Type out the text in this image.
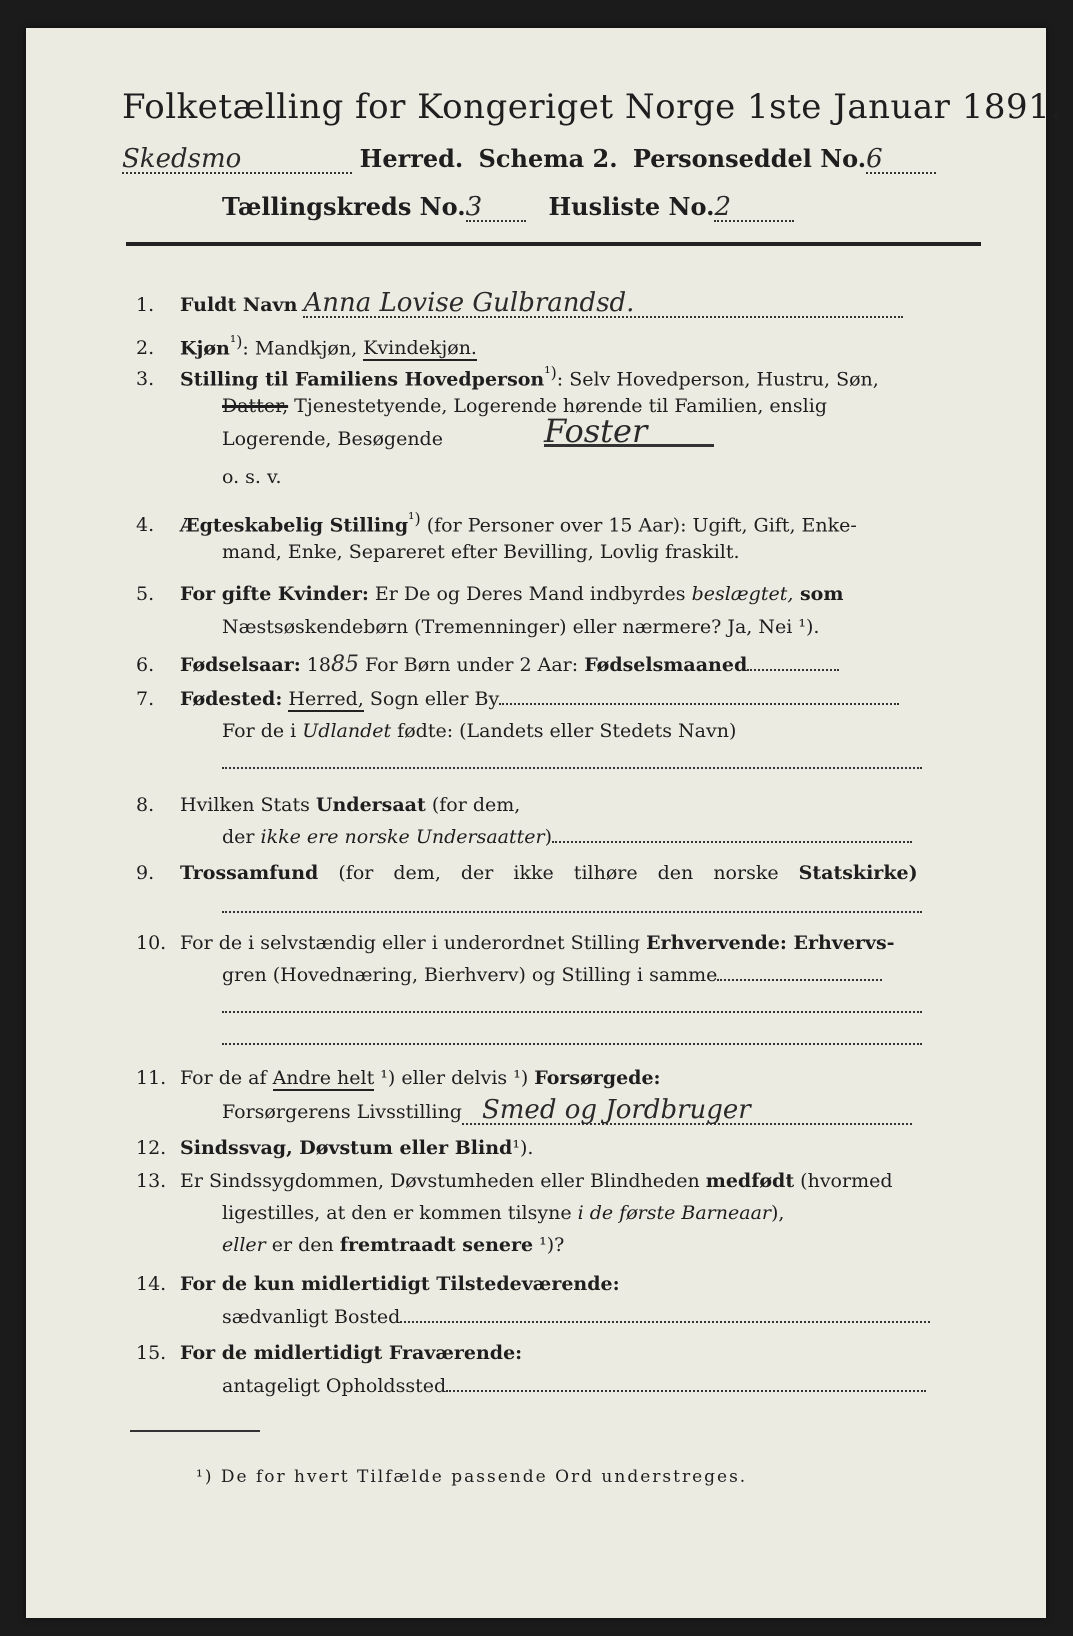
Folketælling for Kongeriget Norge 1ste Januar 1891.
Skedsmo	Herred. Schema 2. Personseddel No.6
Tællingskreds No.3	Husliste No.2
1. Fuldt Navn Anna Lovise Gulbrandsd.
2. Kjøn$^{^1)}$: Mandkjøn, Kvindekjøn.
3. Stilling til Familiens Hovedperson$^{^1)}$: Selv Hovedperson, Hustru, Søn,
Datter, Tjenestetyende, Logerende hørende til Familien, enslig
Logerende, Besøgende	Foster
o. s. v.
4. Ægteskabelig Stilling$^{^1)}$ (for Personer over 15 Aar): Ugift, Gift, Enke-
mand, Enke, Separeret efter Bevilling, Lovlig fraskilt.
5. For gifte Kvinder: Er De og Deres Mand indbyrdes beslægtet, som
Næstsøskendebørn (Tremenninger) eller nærmere? Ja, Nei ¹).
6. Fødselsaar: 1885 For Børn under 2 Aar: Fødselsmaaned
7. Fødested: Herred, Sogn eller By
For de i Udlandet fødte: (Landets eller Stedets Navn)
8. Hvilken Stats Undersaat (for dem,
der ikke ere norske Undersaatter)
9. Trossamfund (for dem, der ikke tilhøre den norske Statskirke)
10. For de i selvstændig eller i underordnet Stilling Erhvervende: Erhvervs-
gren (Hovednæring, Bierhverv) og Stilling i samme
11. For de af Andre helt ¹) eller delvis ¹) Forsørgede:
Forsørgerens Livsstilling Smed og Jordbruger
12. Sindssvag, Døvstum eller Blind¹).
13. Er Sindssygdommen, Døvstumheden eller Blindheden medfødt (hvormed
ligestilles, at den er kommen tilsyne i de første Barneaar),
eller er den fremtraadt senere ¹)?
14. For de kun midlertidigt Tilstedeværende:
sædvanligt Bosted
15. For de midlertidigt Fraværende:
antageligt Opholdssted
¹) De for hvert Tilfælde passende Ord understreges.
